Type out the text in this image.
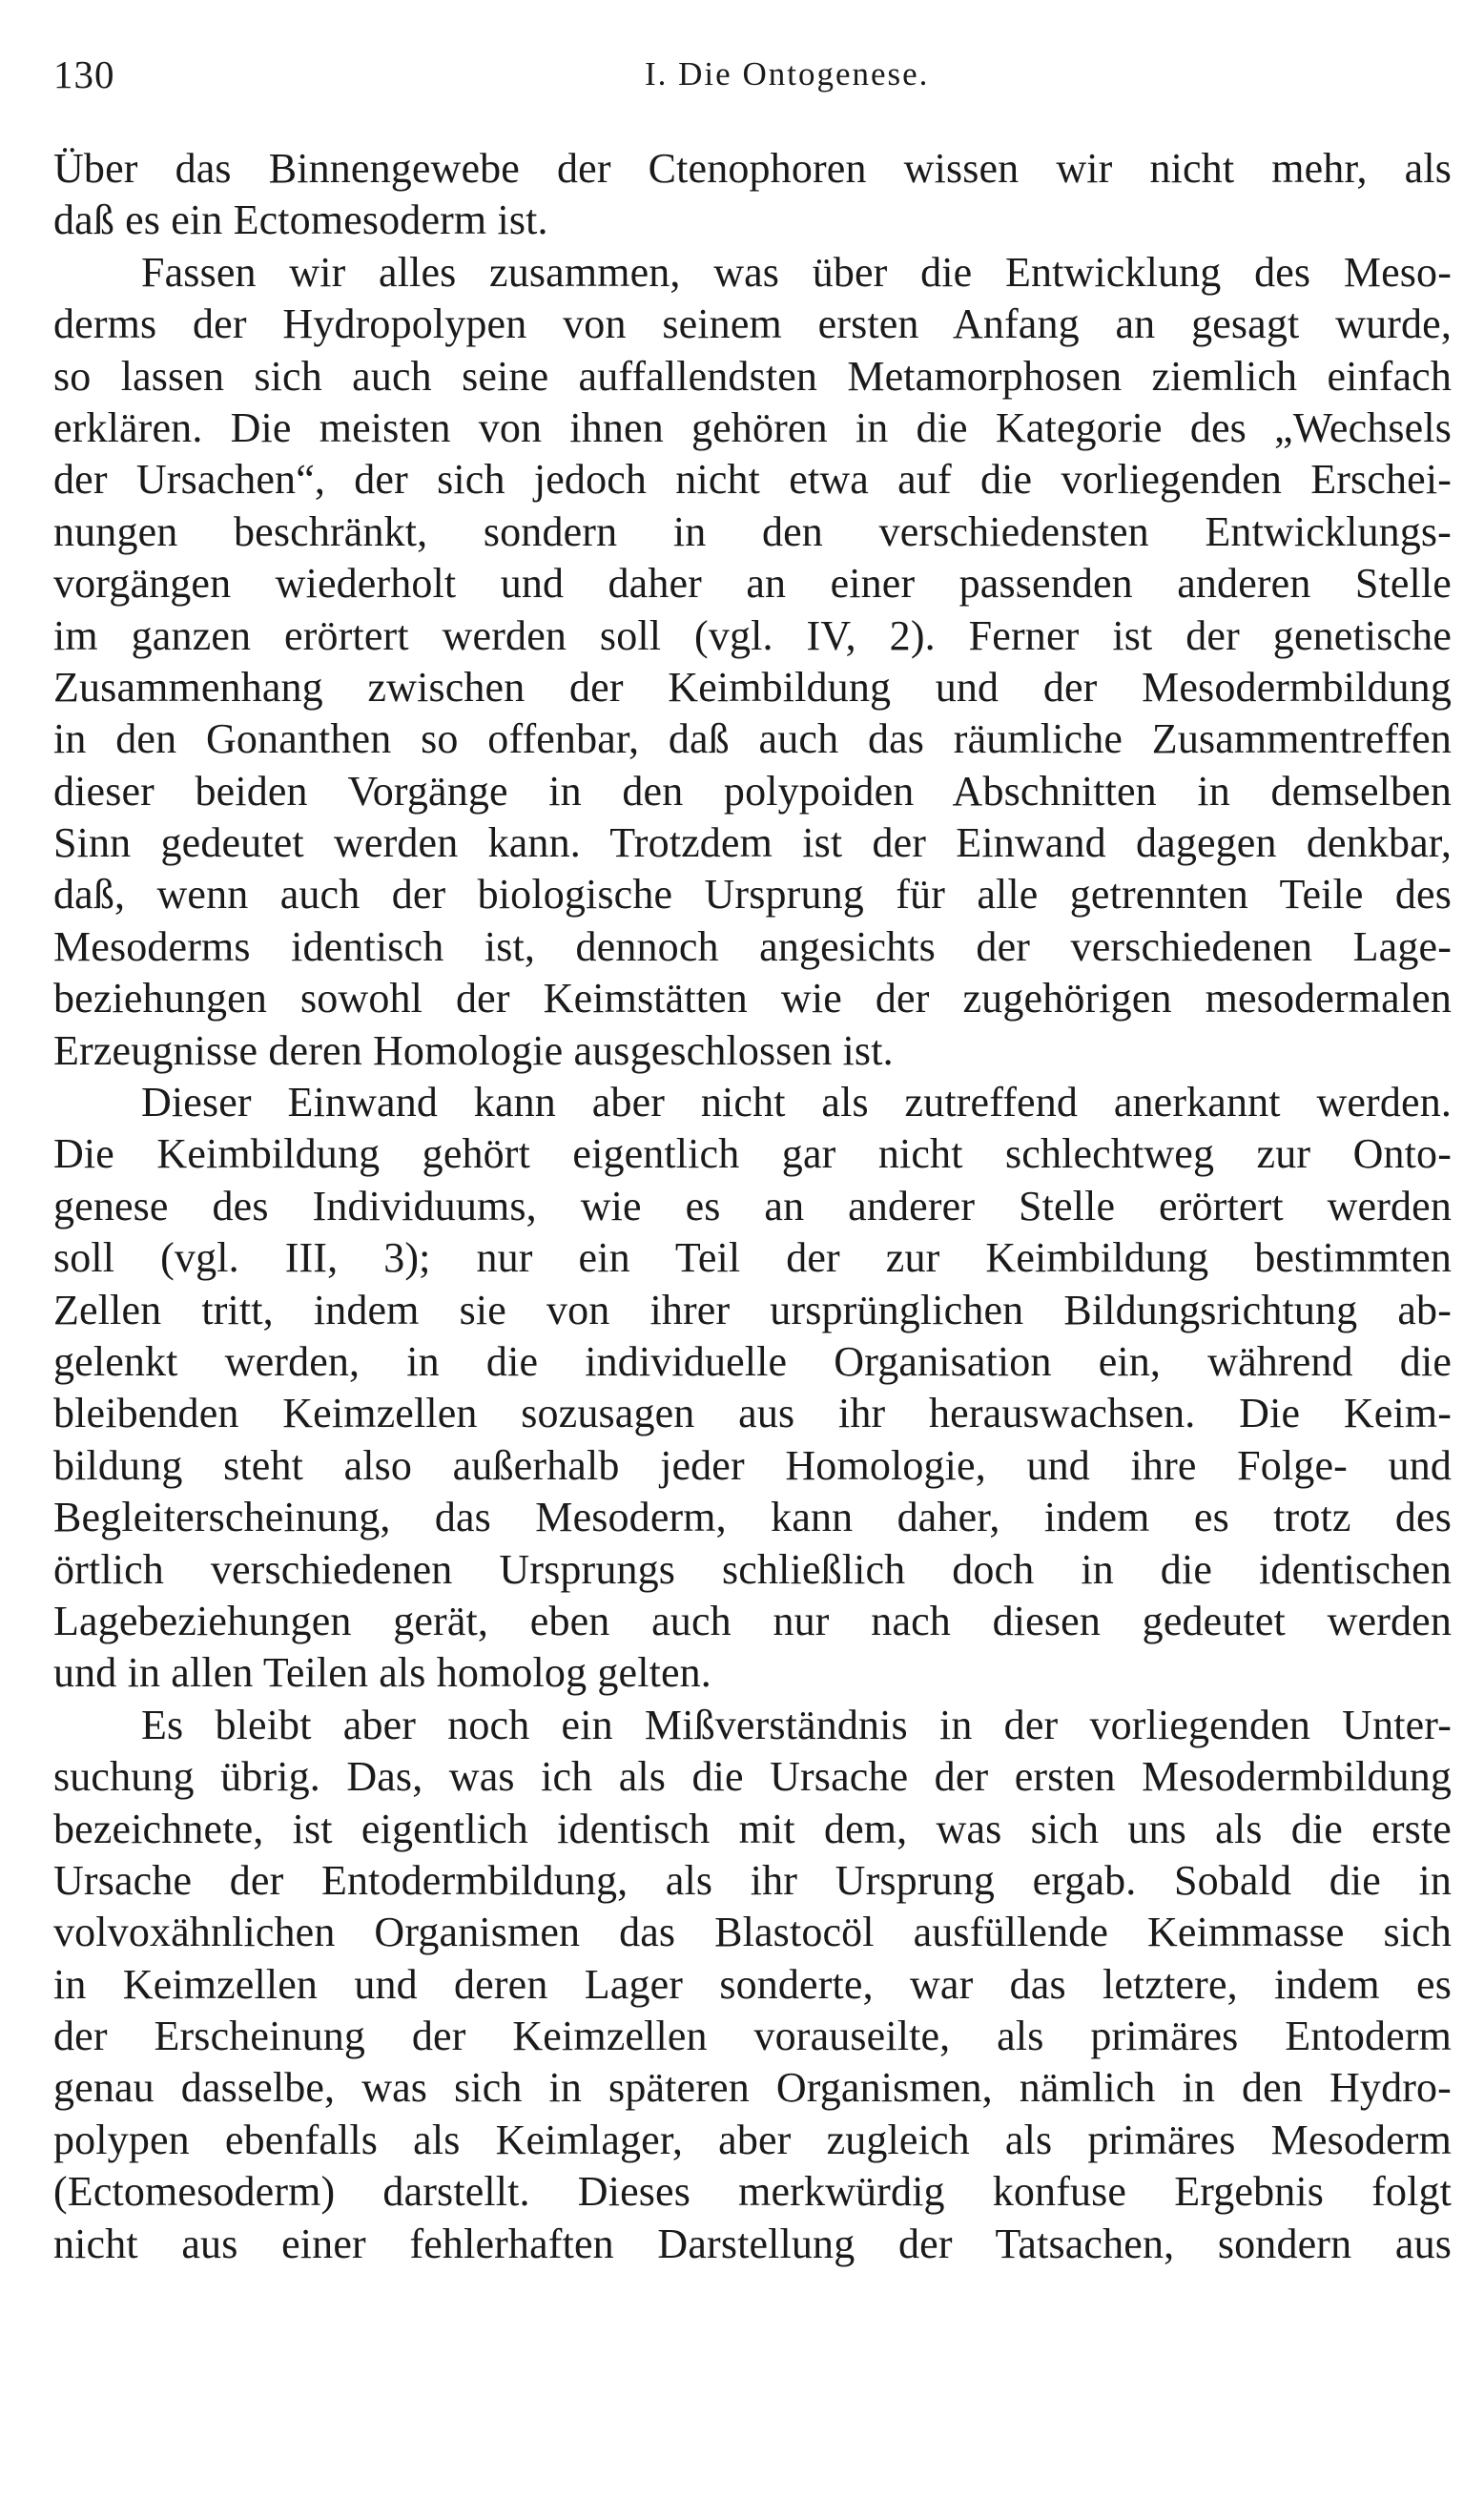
130	I. Die Ontogenese.
Über das Binnengewebe der Ctenophoren wissen wir nicht mehr, als
daß es ein Ectomesoderm ist.
Fassen wir alles zusammen, was über die Entwicklung des Meso-
derms der Hydropolypen von seinem ersten Anfang an gesagt wurde,
so lassen sich auch seine auffallendsten Metamorphosen ziemlich einfach
erklären. Die meisten von ihnen gehören in die Kategorie des „Wechsels
der Ursachen“, der sich jedoch nicht etwa auf die vorliegenden Erschei-
nungen beschränkt, sondern in den verschiedensten Entwicklungs-
vorgängen wiederholt und daher an einer passenden anderen Stelle
im ganzen erörtert werden soll (vgl. IV, 2). Ferner ist der genetische
Zusammenhang zwischen der Keimbildung und der Mesodermbildung
in den Gonanthen so offenbar, daß auch das räumliche Zusammentreffen
dieser beiden Vorgänge in den polypoiden Abschnitten in demselben
Sinn gedeutet werden kann. Trotzdem ist der Einwand dagegen denkbar,
daß, wenn auch der biologische Ursprung für alle getrennten Teile des
Mesoderms identisch ist, dennoch angesichts der verschiedenen Lage-
beziehungen sowohl der Keimstätten wie der zugehörigen mesodermalen
Erzeugnisse deren Homologie ausgeschlossen ist.
Dieser Einwand kann aber nicht als zutreffend anerkannt werden.
Die Keimbildung gehört eigentlich gar nicht schlechtweg zur Onto-
genese des Individuums, wie es an anderer Stelle erörtert werden
soll (vgl. III, 3); nur ein Teil der zur Keimbildung bestimmten
Zellen tritt, indem sie von ihrer ursprünglichen Bildungsrichtung ab-
gelenkt werden, in die individuelle Organisation ein, während die
bleibenden Keimzellen sozusagen aus ihr herauswachsen. Die Keim-
bildung steht also außerhalb jeder Homologie, und ihre Folge- und
Begleiterscheinung, das Mesoderm, kann daher, indem es trotz des
örtlich verschiedenen Ursprungs schließlich doch in die identischen
Lagebeziehungen gerät, eben auch nur nach diesen gedeutet werden
und in allen Teilen als homolog gelten.
Es bleibt aber noch ein Mißverständnis in der vorliegenden Unter-
suchung übrig. Das, was ich als die Ursache der ersten Mesodermbildung
bezeichnete, ist eigentlich identisch mit dem, was sich uns als die erste
Ursache der Entodermbildung, als ihr Ursprung ergab. Sobald die in
volvoxähnlichen Organismen das Blastocöl ausfüllende Keimmasse sich
in Keimzellen und deren Lager sonderte, war das letztere, indem es
der Erscheinung der Keimzellen vorauseilte, als primäres Entoderm
genau dasselbe, was sich in späteren Organismen, nämlich in den Hydro-
polypen ebenfalls als Keimlager, aber zugleich als primäres Mesoderm
(Ectomesoderm) darstellt. Dieses merkwürdig konfuse Ergebnis folgt
nicht aus einer fehlerhaften Darstellung der Tatsachen, sondern aus
